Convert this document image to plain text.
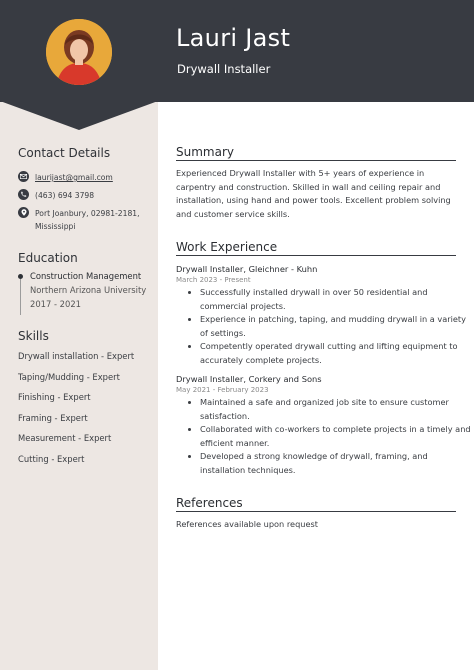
Lauri Jast
Drywall Installer
Contact Details
laurijast@gmail.com
(463) 694 3798
Port Joanbury, 02981-2181,
Mississippi
Education
Construction Management
Northern Arizona University
2017 - 2021
Skills
Drywall installation - Expert
Taping/Mudding - Expert
Finishing - Expert
Framing - Expert
Measurement - Expert
Cutting - Expert
Summary
Experienced Drywall Installer with 5+ years of experience in carpentry and construction. Skilled in wall and ceiling repair and installation, using hand and power tools. Excellent problem solving and customer service skills.
Work Experience
Drywall Installer, Gleichner - Kuhn
March 2023 - Present
• Successfully installed drywall in over 50 residential and commercial projects.
• Experience in patching, taping, and mudding drywall in a variety of settings.
• Competently operated drywall cutting and lifting equipment to accurately complete projects.
Drywall Installer, Corkery and Sons
May 2021 - February 2023
• Maintained a safe and organized job site to ensure customer satisfaction.
• Collaborated with co-workers to complete projects in a timely and efficient manner.
• Developed a strong knowledge of drywall, framing, and installation techniques.
References
References available upon request
